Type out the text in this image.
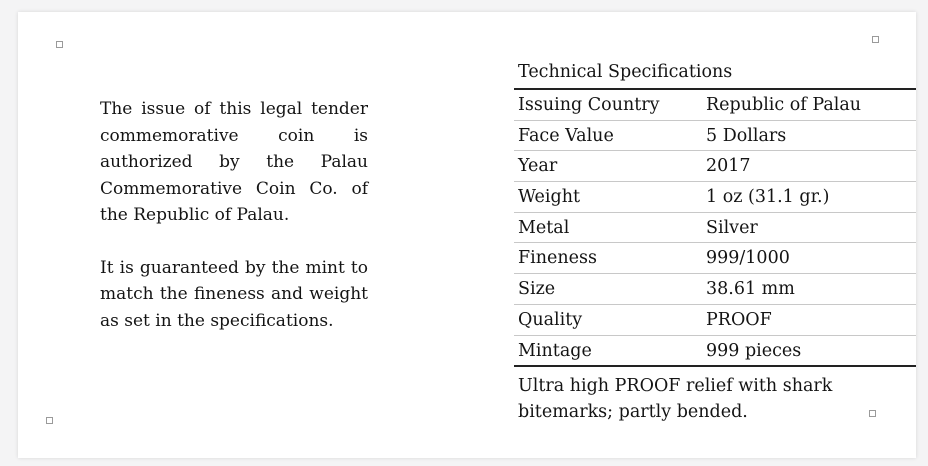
The issue of this legal tender commemorative coin is authorized by the Palau Commemorative Coin Co. of the Republic of Palau.

It is guaranteed by the mint to match the fineness and weight as set in the specifications.

Technical Specifications
Issuing Country	Republic of Palau
Face Value	5 Dollars
Year	2017
Weight	1 oz (31.1 gr.)
Metal	Silver
Fineness	999/1000
Size	38.61 mm
Quality	PROOF
Mintage	999 pieces
Ultra high PROOF relief with shark bitemarks; partly bended.
